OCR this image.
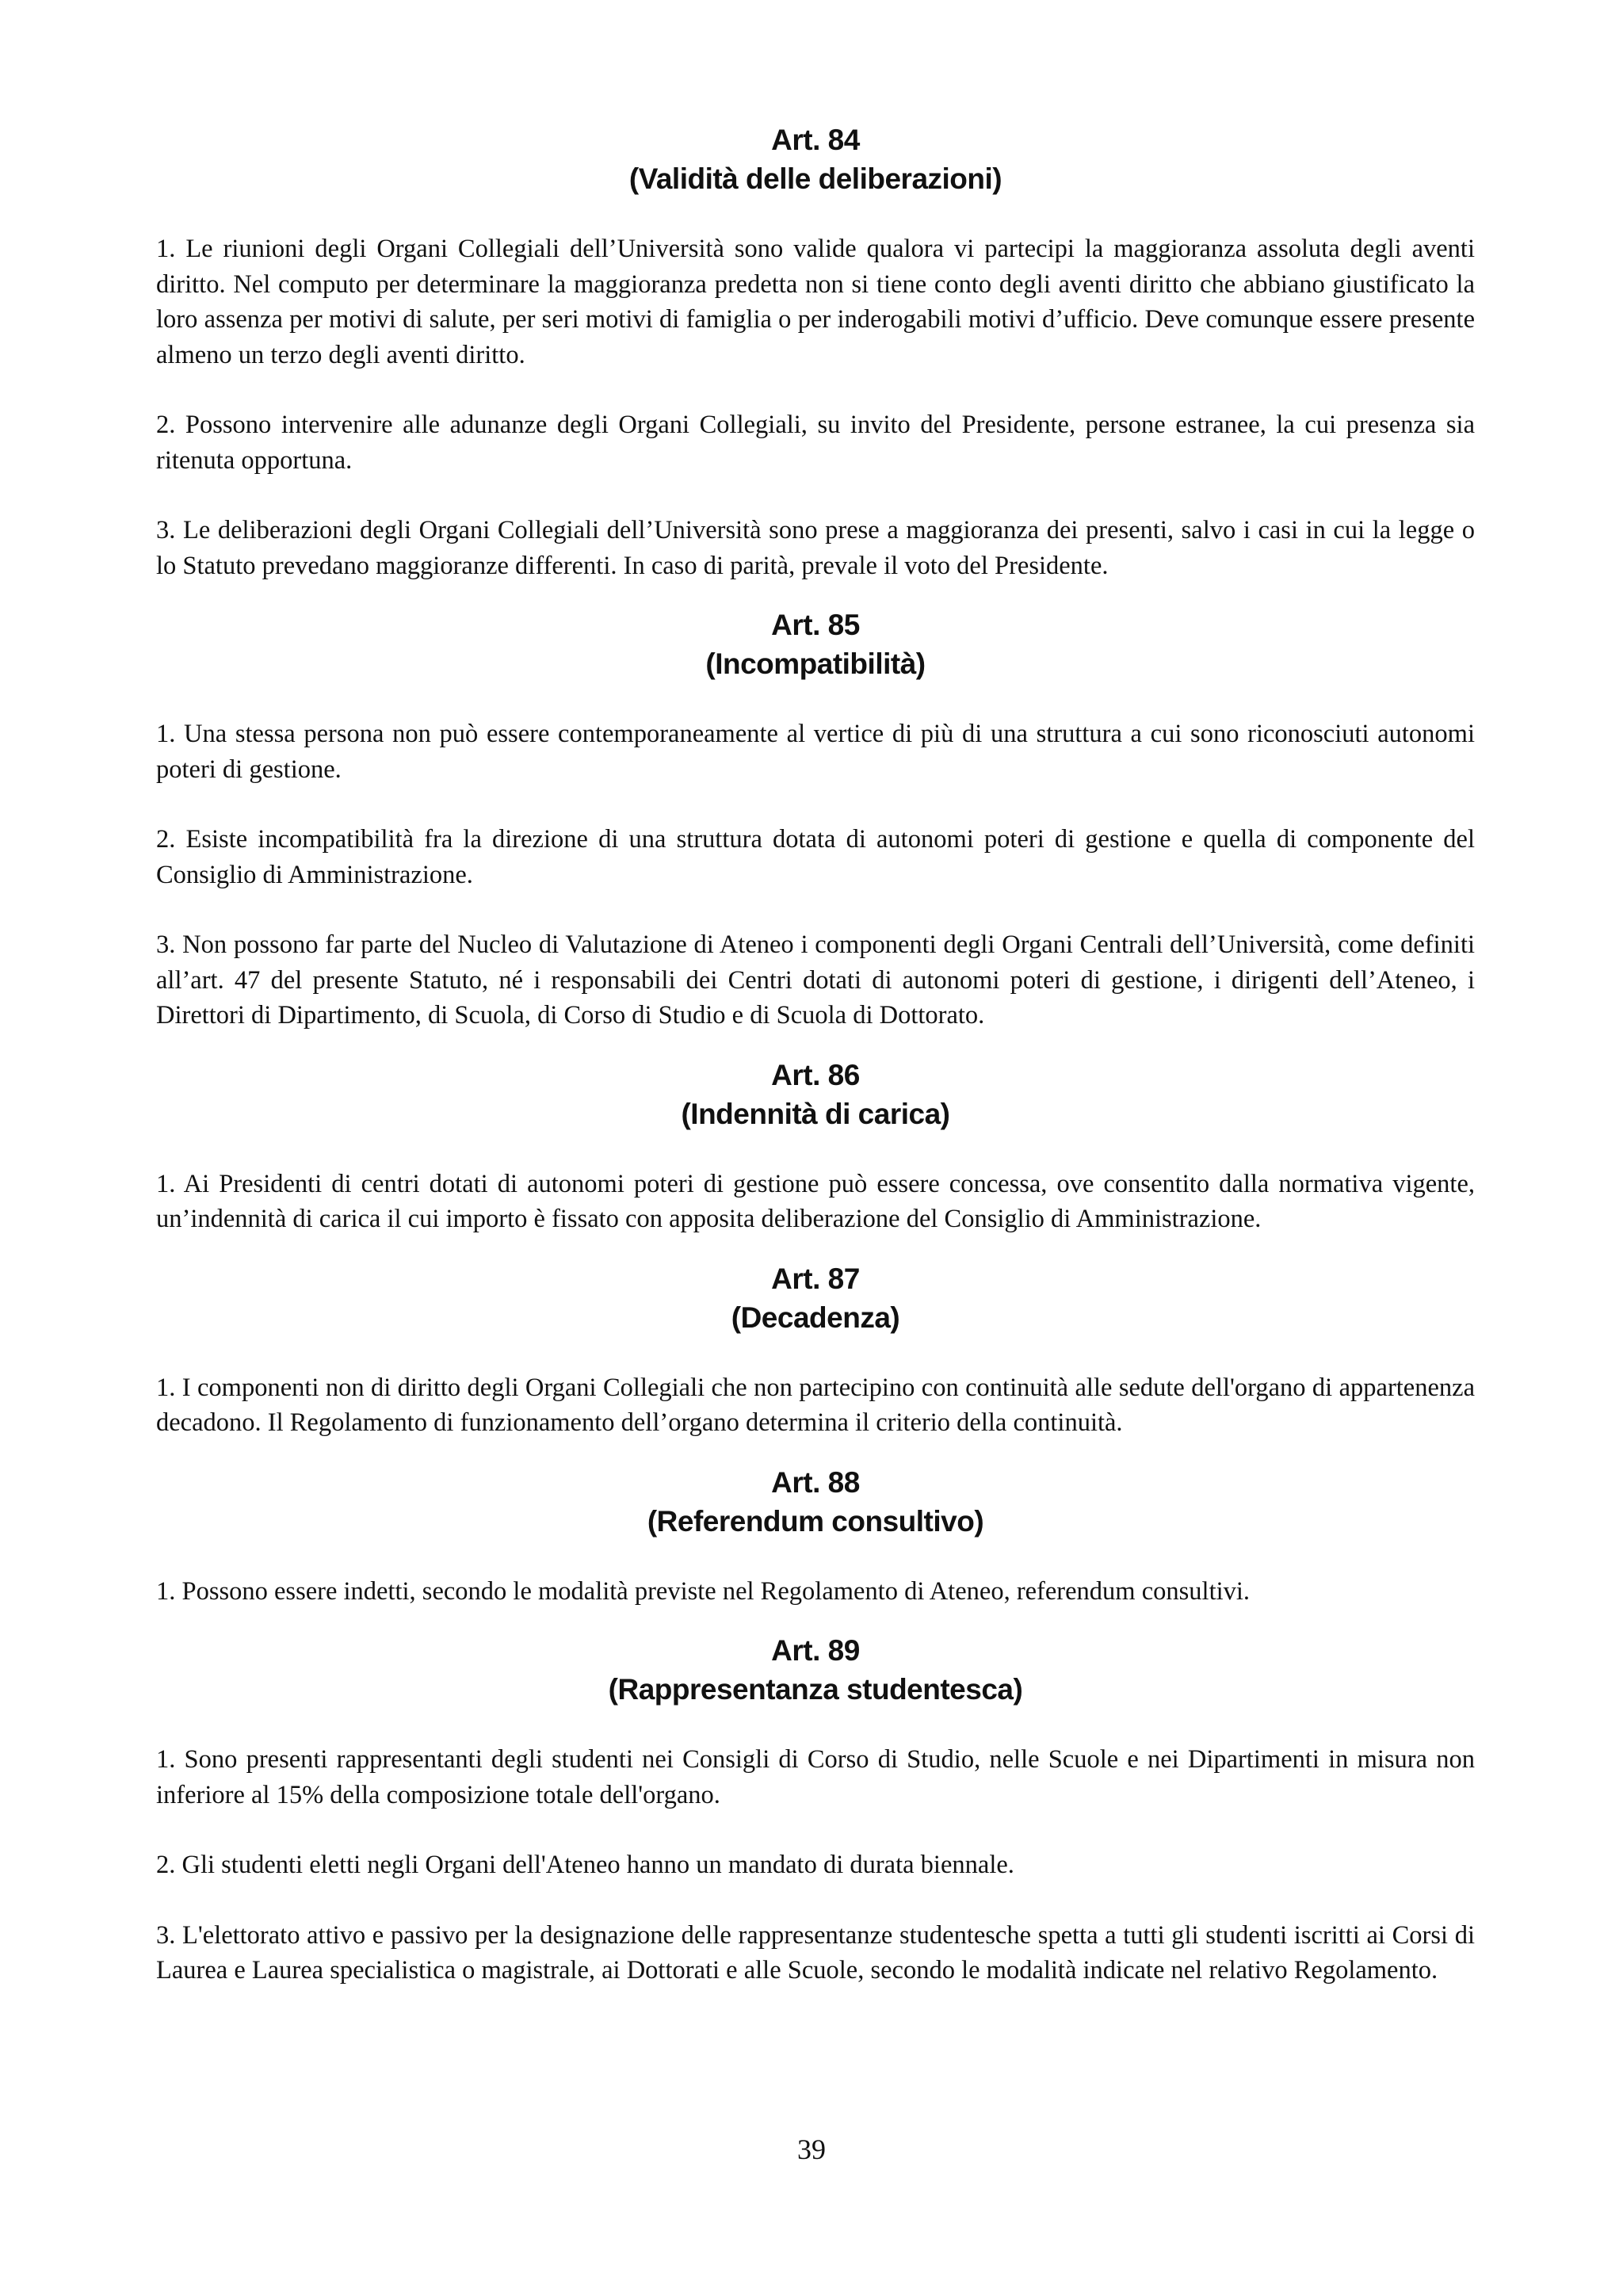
Art. 84
(Validità delle deliberazioni)

1. Le riunioni degli Organi Collegiali dell’Università sono valide qualora vi partecipi la maggioranza assoluta degli aventi diritto. Nel computo per determinare la maggioranza predetta non si tiene conto degli aventi diritto che abbiano giustificato la loro assenza per motivi di salute, per seri motivi di famiglia o per inderogabili motivi d’ufficio. Deve comunque essere presente almeno un terzo degli aventi diritto.

2. Possono intervenire alle adunanze degli Organi Collegiali, su invito del Presidente, persone estranee, la cui presenza sia ritenuta opportuna.

3. Le deliberazioni degli Organi Collegiali dell’Università sono prese a maggioranza dei presenti, salvo i casi in cui la legge o lo Statuto prevedano maggioranze differenti. In caso di parità, prevale il voto del Presidente.

Art. 85
(Incompatibilità)

1. Una stessa persona non può essere contemporaneamente al vertice di più di una struttura a cui sono riconosciuti autonomi poteri di gestione.

2. Esiste incompatibilità fra la direzione di una struttura dotata di autonomi poteri di gestione e quella di componente del Consiglio di Amministrazione.

3. Non possono far parte del Nucleo di Valutazione di Ateneo i componenti degli Organi Centrali dell’Università, come definiti all’art. 47 del presente Statuto, né i responsabili dei Centri dotati di autonomi poteri di gestione, i dirigenti dell’Ateneo, i Direttori di Dipartimento, di Scuola, di Corso di Studio e di Scuola di Dottorato.

Art. 86
(Indennità di carica)

1. Ai Presidenti di centri dotati di autonomi poteri di gestione può essere concessa, ove consentito dalla normativa vigente, un’indennità di carica il cui importo è fissato con apposita deliberazione del Consiglio di Amministrazione.

Art. 87
(Decadenza)

1. I componenti non di diritto degli Organi Collegiali che non partecipino con continuità alle sedute dell'organo di appartenenza decadono. Il Regolamento di funzionamento dell’organo determina il criterio della continuità.

Art. 88
(Referendum consultivo)

1. Possono essere indetti, secondo le modalità previste nel Regolamento di Ateneo, referendum consultivi.

Art. 89
(Rappresentanza studentesca)

1. Sono presenti rappresentanti degli studenti nei Consigli di Corso di Studio, nelle Scuole e nei Dipartimenti in misura non inferiore al 15% della composizione totale dell'organo.

2. Gli studenti eletti negli Organi dell'Ateneo hanno un mandato di durata biennale.

3. L'elettorato attivo e passivo per la designazione delle rappresentanze studentesche spetta a tutti gli studenti iscritti ai Corsi di Laurea e Laurea specialistica o magistrale, ai Dottorati e alle Scuole, secondo le modalità indicate nel relativo Regolamento.

39
